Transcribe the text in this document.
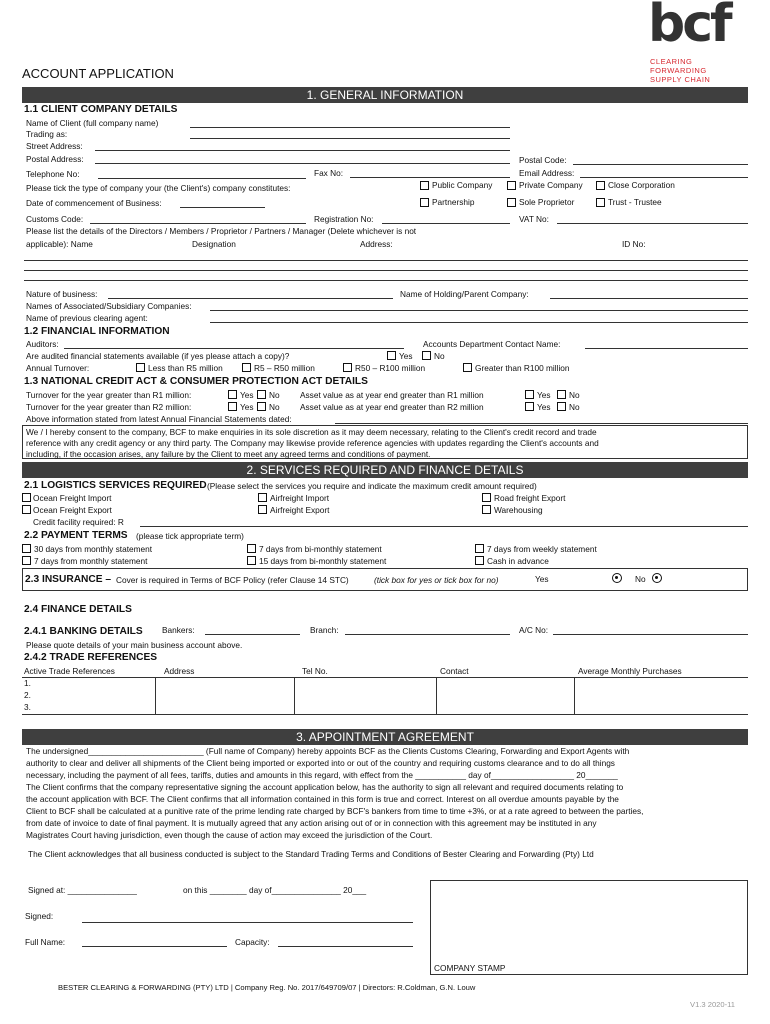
bcf
CLEARING
FORWARDING
SUPPLY CHAIN
ACCOUNT APPLICATION
1. GENERAL INFORMATION
1.1 CLIENT COMPANY DETAILS
Name of Client (full company name)
Trading as:
Street Address:
Postal Address:	Postal Code:
Telephone No:	Fax No:	Email Address:
Please tick the type of company your (the Client's) company constitutes:	Public Company	Private Company	Close Corporation
Date of commencement of Business:	Partnership	Sole Proprietor	Trust - Trustee
Customs Code:	Registration No:	VAT No:
Please list the details of the Directors / Members / Proprietor / Partners / Manager (Delete whichever is not
applicable): Name	Designation	Address:	ID No:
Nature of business:	Name of Holding/Parent Company:
Names of Associated/Subsidiary Companies:
Name of previous clearing agent:
1.2 FINANCIAL INFORMATION
Auditors:	Accounts Department Contact Name:
Are audited financial statements available (if yes please attach a copy)?	Yes	No
Annual Turnover:	Less than R5 million	R5 – R50 million	R50 – R100 million	Greater than R100 million
1.3 NATIONAL CREDIT ACT & CONSUMER PROTECTION ACT DETAILS
Turnover for the year greater than R1 million:	Yes No Asset value as at year end greater than R1 million	Yes No
Turnover for the year greater than R2 million:	Yes No Asset value as at year end greater than R2 million	Yes No
Above information stated from latest Annual Financial Statements dated:
We / I hereby consent to the company, BCF to make enquiries in its sole discretion as it may deem necessary, relating to the Client's credit record and trade
reference with any credit agency or any third party. The Company may likewise provide reference agencies with updates regarding the Client's accounts and
including, if the occasion arises, any failure by the Client to meet any agreed terms and conditions of payment.
2. SERVICES REQUIRED AND FINANCE DETAILS
2.1 LOGISTICS SERVICES REQUIRED (Please select the services you require and indicate the maximum credit amount required)
Ocean Freight Import	Airfreight Import	Road freight Export
Ocean Freight Export	Airfreight Export	Warehousing
Credit facility required: R
2.2 PAYMENT TERMS (please tick appropriate term)
30 days from monthly statement	7 days from bi-monthly statement	7 days from weekly statement
7 days from monthly statement	15 days from bi-monthly statement	Cash in advance
2.3 INSURANCE – Cover is required in Terms of BCF Policy (refer Clause 14 STC)	(tick box for yes or tick box for no)	Yes	No
2.4 FINANCE DETAILS
2.4.1 BANKING DETAILS Bankers:	Branch:	A/C No:
Please quote details of your main business account above.
2.4.2 TRADE REFERENCES
Active Trade References	Address	Tel No.	Contact	Average Monthly Purchases
1.
2.
3.
3. APPOINTMENT AGREEMENT
The undersigned_________________________ (Full name of Company) hereby appoints BCF as the Clients Customs Clearing, Forwarding and Export Agents with
authority to clear and deliver all shipments of the Client being imported or exported into or out of the country and requiring customs clearance and to do all things
necessary, including the payment of all fees, tariffs, duties and amounts in this regard, with effect from the ___________ day of__________________ 20_______
The Client confirms that the company representative signing the account application below, has the authority to sign all relevant and required documents relating to
the account application with BCF. The Client confirms that all information contained in this form is true and correct. Interest on all overdue amounts payable by the
Client to BCF shall be calculated at a punitive rate of the prime lending rate charged by BCF's bankers from time to time +3%, or at a rate agreed to between the parties,
from date of invoice to date of final payment. It is mutually agreed that any action arising out of or in connection with this agreement may be instituted in any
Magistrates Court having jurisdiction, even though the cause of action may exceed the jurisdiction of the Court.
The Client acknowledges that all business conducted is subject to the Standard Trading Terms and Conditions of Bester Clearing and Forwarding (Pty) Ltd
Signed at: _______________	on this ________ day of_______________ 20___
Signed:
Full Name:	Capacity:
COMPANY STAMP
BESTER CLEARING & FORWARDING (PTY) LTD | Company Reg. No. 2017/649709/07 | Directors: R.Coldman, G.N. Louw
V1.3 2020-11
